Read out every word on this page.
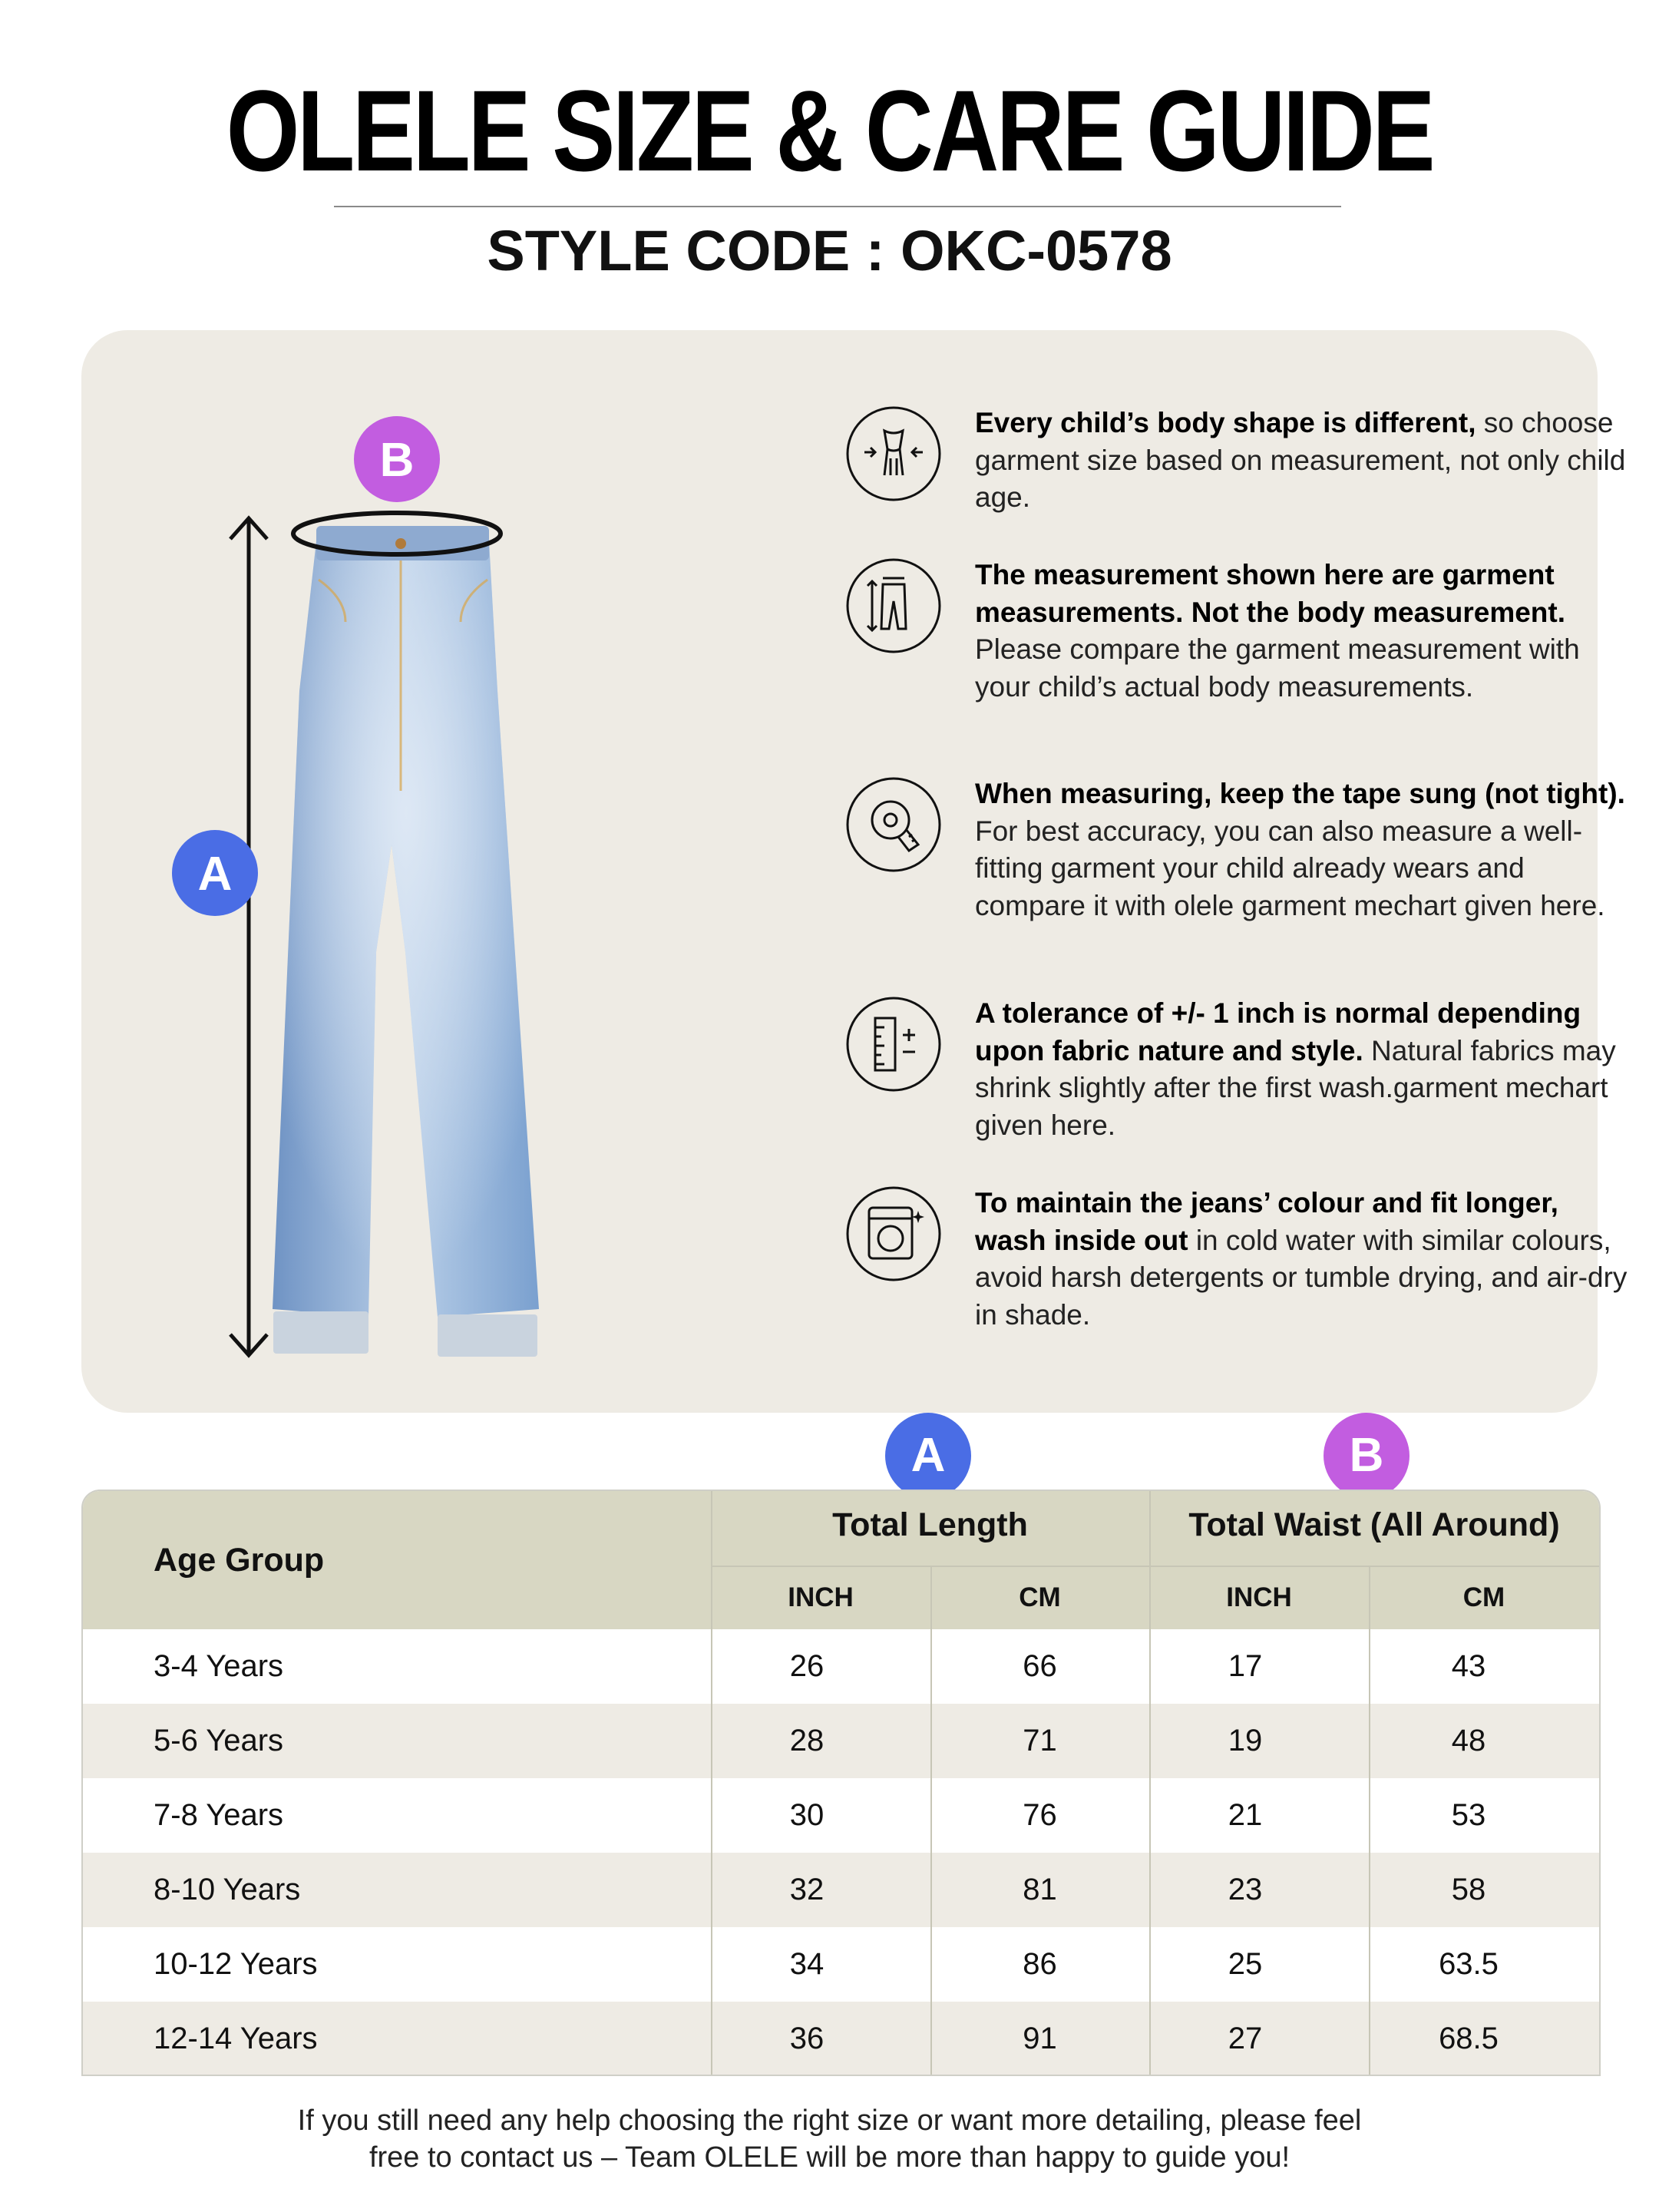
OLELE SIZE & CARE GUIDE
STYLE CODE : OKC-0578
B
A
Every child’s body shape is different, so choose garment size based on measurement, not only child age.
The measurement shown here are garment measurements. Not the body measurement. Please compare the garment measurement with your child’s actual body measurements.
When measuring, keep the tape sung (not tight). For best accuracy, you can also measure a well-fitting garment your child already wears and compare it with olele garment mechart given here.
A tolerance of +/- 1 inch is normal depending upon fabric nature and style. Natural fabrics may shrink slightly after the first wash.garment mechart given here.
To maintain the jeans’ colour and fit longer, wash inside out in cold water with similar colours, avoid harsh detergents or tumble drying, and air-dry in shade.
A	B
Age Group
Total Length	Total Waist (All Around)
INCH	CM	INCH	CM
3-4 Years	26	66	17	43
5-6 Years	28	71	19	48
7-8 Years	30	76	21	53
8-10 Years	32	81	23	58
10-12 Years	34	86	25	63.5
12-14 Years	36	91	27	68.5
If you still need any help choosing the right size or want more detailing, please feel
free to contact us – Team OLELE will be more than happy to guide you!
